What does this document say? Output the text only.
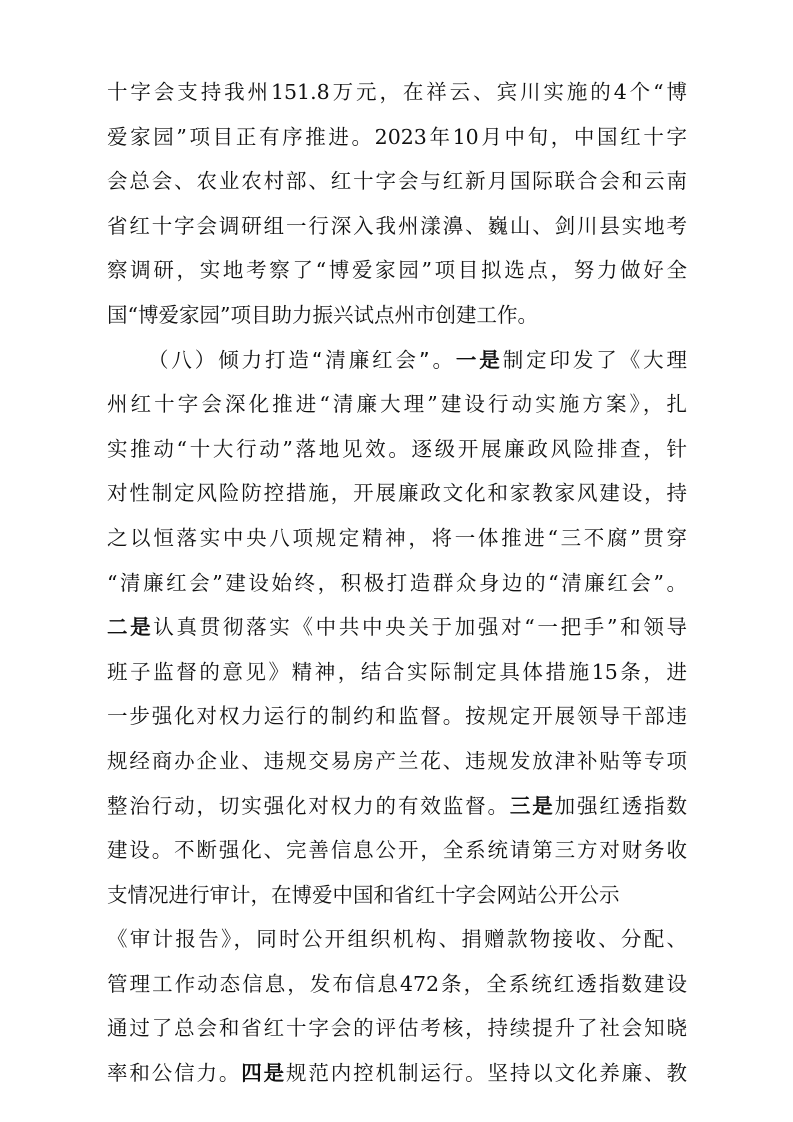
十字会支持我州151.8万元，在祥云、宾川实施的4个“博
爱家园”项目正有序推进。2023年10月中旬，中国红十字
会总会、农业农村部、红十字会与红新月国际联合会和云南
省红十字会调研组一行深入我州漾濞、巍山、剑川县实地考
察调研，实地考察了“博爱家园”项目拟选点，努力做好全
国“博爱家园”项目助力振兴试点州市创建工作。
（八）倾力打造“清廉红会”。一是制定印发了《大理
州红十字会深化推进“清廉大理”建设行动实施方案》，扎
实推动“十大行动”落地见效。逐级开展廉政风险排查，针
对性制定风险防控措施，开展廉政文化和家教家风建设，持
之以恒落实中央八项规定精神，将一体推进“三不腐”贯穿
“清廉红会”建设始终，积极打造群众身边的“清廉红会”。
二是认真贯彻落实《中共中央关于加强对“一把手”和领导
班子监督的意见》精神，结合实际制定具体措施15条，进
一步强化对权力运行的制约和监督。按规定开展领导干部违
规经商办企业、违规交易房产兰花、违规发放津补贴等专项
整治行动，切实强化对权力的有效监督。三是加强红透指数
建设。不断强化、完善信息公开，全系统请第三方对财务收
支情况进行审计，在博爱中国和省红十字会网站公开公示
《审计报告》，同时公开组织机构、捐赠款物接收、分配、
管理工作动态信息，发布信息472条，全系统红透指数建设
通过了总会和省红十字会的评估考核，持续提升了社会知晓
率和公信力。四是规范内控机制运行。坚持以文化养廉、教
